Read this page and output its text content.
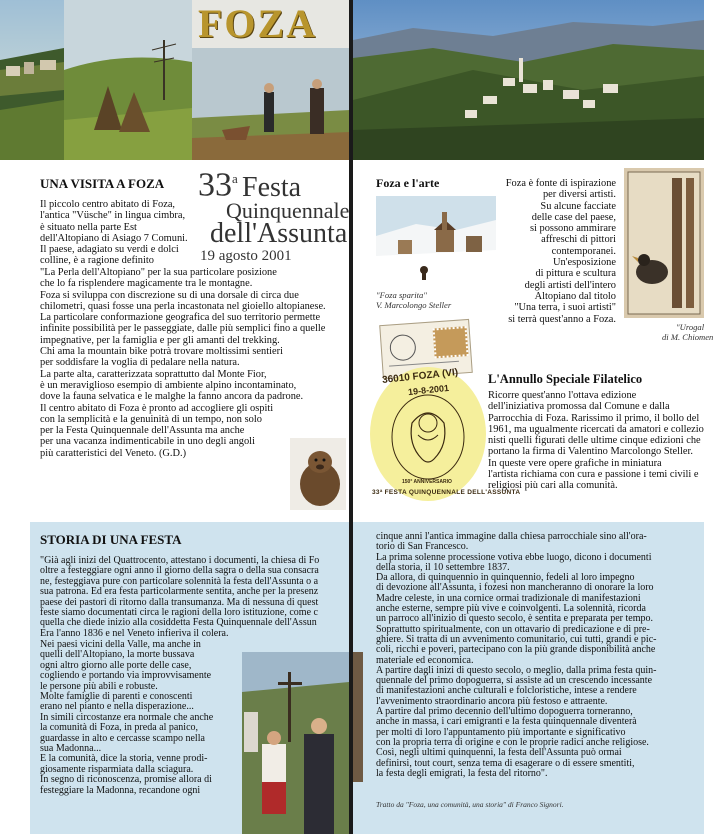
FOZA
UNA VISITA A FOZA

Il piccolo centro abitato di Foza,

l'antica "Vüsche" in lingua cimbra,

è situato nella parte Est

dell'Altopiano di Asiago 7 Comuni.

Il paese, adagiato su verdi e dolci

colline, è a ragione definito

33$^a$ Festa
Quinquennale
dell'Assunta
19 agosto 2001

"La Perla dell'Altopiano" per la sua particolare posizione

che lo fa risplendere magicamente tra le montagne.

Foza si sviluppa con discrezione su di una dorsale di circa due

chilometri, quasi fosse una perla incastonata nel gioiello altopianese.

La particolare conformazione geografica del suo territorio permette

infinite possibilità per le passeggiate, dalle più semplici fino a quelle

impegnative, per la famiglia e per gli amanti del trekking.

Chi ama la mountain bike potrà trovare moltissimi sentieri

per soddisfare la voglia di pedalare nella natura.

La parte alta, caratterizzata soprattutto dal Monte Fior,

è un meraviglioso esempio di ambiente alpino incontaminato,

dove la fauna selvatica e le malghe la fanno ancora da padrone.

Il centro abitato di Foza è pronto ad accogliere gli ospiti

con la semplicità e la genuinità di un tempo, non solo

per la Festa Quinquennale dell'Assunta ma anche

per una vacanza indimenticabile in uno degli angoli

più caratteristici del Veneto. (G.D.)

Foza e l'arte

"Foza sparita"

V. Marcolongo Steller

Foza è fonte di ispirazione

per diversi artisti.

Su alcune facciate

delle case del paese,

si possono ammirare

affreschi di pittori

contemporanei.

Un'esposizione

di pittura e scultura

degli artisti dell'intero

Altopiano dal titolo

"Una terra, i suoi artisti"

si terrà quest'anno a Foza.

"Urogal

di M. Chiomen

36010 FOZA (VI)
19-8-2001
150° ANNIVERSARIO
33ª FESTA QUINQUENNALE DELL'ASSUNTA
L'Annullo Speciale Filatelico

Ricorre quest'anno l'ottava edizione

dell'iniziativa promossa dal Comune e dalla

Parrocchia di Foza. Rarissimo il primo, il bollo del

1961, ma ugualmente ricercati da amatori e collezio

nisti quelli figurati delle ultime cinque edizioni che

portano la firma di Valentino Marcolongo Steller.

In queste vere opere grafiche in miniatura

l'artista richiama con cura e passione i temi civili e

religiosi più cari alla comunità.

STORIA DI UNA FESTA

"Già agli inizi del Quattrocento, attestano i documenti, la chiesa di Fo

oltre a festeggiare ogni anno il giorno della sagra o della sua consacra

ne, festeggiava pure con particolare solennità la festa dell'Assunta o a

sua patrona. Ed era festa particolarmente sentita, anche per la presenz

paese dei pastori di ritorno dalla transumanza. Ma di nessuna di quest

feste siamo documentati circa le ragioni della loro istituzione, come c

quella che diede inizio alla cosiddetta Festa Quinquennale dell'Assun

Era l'anno 1836 e nel Veneto infieriva il colera.

Nei paesi vicini della Valle, ma anche in

quelli dell'Altopiano, la morte bussava

ogni altro giorno alle porte delle case,

cogliendo e portando via improvvisamente

le persone più abili e robuste.

Molte famiglie di parenti e conoscenti

erano nel pianto e nella disperazione...

In simili circostanze era normale che anche

la comunità di Foza, in preda al panico,

guardasse in alto e cercasse scampo nella

sua Madonna...

E la comunità, dice la storia, venne prodi-

giosamente risparmiata dalla sciagura.

In segno di riconoscenza, promise allora di

festeggiare la Madonna, recandone ogni

cinque anni l'antica immagine dalla chiesa parrocchiale sino all'ora-

torio di San Francesco.

La prima solenne processione votiva ebbe luogo, dicono i documenti

della storia, il 10 settembre 1837.

Da allora, di quinquennio in quinquennio, fedeli al loro impegno

di devozione all'Assunta, i fozesi non mancheranno di onorare la loro

Madre celeste, in una cornice ormai tradizionale di manifestazioni

anche esterne, sempre più vive e coinvolgenti. La solennità, ricorda

un parroco all'inizio di questo secolo, è sentita e preparata per tempo.

Soprattutto spiritualmente, con un ottavario di predicazione e di pre-

ghiere. Si tratta di un avvenimento comunitario, cui tutti, grandi e pic-

coli, ricchi e poveri, partecipano con la più grande disponibilità anche

materiale ed economica.

A partire dagli inizi di questo secolo, o meglio, dalla prima festa quin-

quennale del primo dopoguerra, si assiste ad un crescendo incessante

di manifestazioni anche culturali e folcloristiche, intese a rendere

l'avvenimento straordinario ancora più festoso e attraente.

A partire dal primo decennio dell'ultimo dopoguerra torneranno,

anche in massa, i cari emigranti e la festa quinquennale diventerà

per molti di loro l'appuntamento più importante e significativo

con la propria terra di origine e con le proprie radici anche religiose.

Così, negli ultimi quinquenni, la festa dell'Assunta può ormai

definirsi, tout court, senza tema di esagerare o di essere smentiti,

la festa degli emigrati, la festa del ritorno".

Tratto da "Foza, una comunità, una storia" di Franco Signori.
